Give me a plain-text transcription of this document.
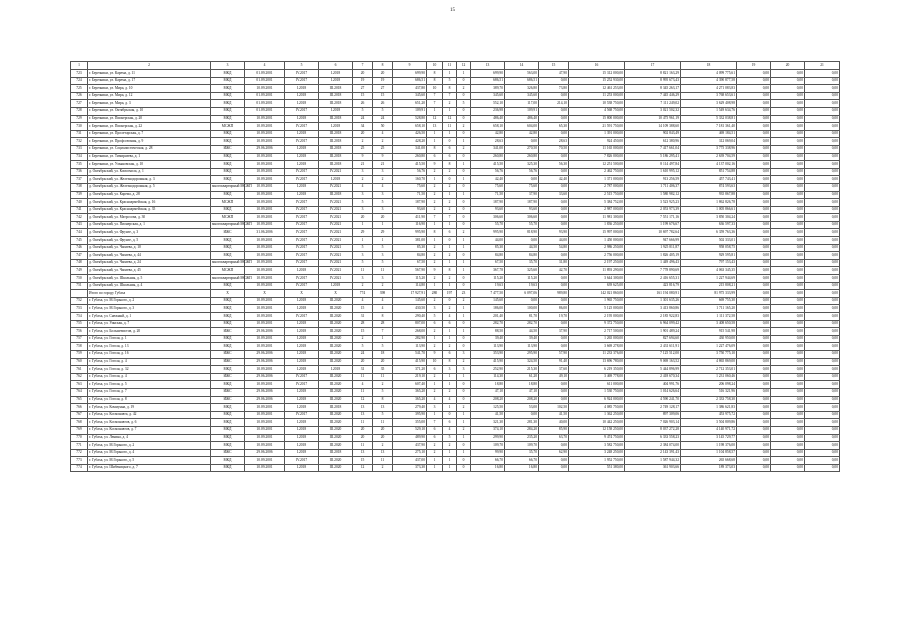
15
1	2	3	4	5	6	7	8	9	10	11	12	13	14	15	16	17	18	19	20	21
723	г. Березники, ул. Карема, д. 11	МКД	01.09.2001	IV.2017	I.2018	20	20	699,90	8	1	1	699,90	563,00	47,90	15 312 000,00	8 821 163,29	4 099 775,61	0,00	0,00	0,00
724	г. Березники, ул. Карема, д. 17	МКД	01.09.2001	IV.2017	I.2018	19	19	686,51	8	5	0	686,51	686,51	0,00	15 252 930,00	8 995 673,43	4 390 877,58	0,00	0,00	0,00
725	г. Березники, ул. Мира, д. 10	МКД	10.09.2001	I.2018	III.2018	27	27	437,80	10	8	2	389,70	326,80	73,80	12 461 253,00	8 345 263,17	4 271 083,83	0,00	0,00	0,00
726	г. Березники, ул. Мира, д. 12	МКД	01.09.2001	I.2018	III.2018	15	15	345,60	7	7	0	345,60	345,60	0,00	11 253 000,00	7 445 446,29	3 768 653,61	0,00	0,00	0,00
727	г. Березники, ул. Мира, д. 3	МКД	01.09.2001	I.2018	III.2018	26	26	651,20	7	2	5	552,10	117,00	214,10	10 538 750,00	7 111 249,02	3 629 408,98	0,00	0,00	0,00
728	г. Березники, ул. Октябрьская, д. 10	МКД	01.09.2001	IV.2017	I.2018	5	5	109,91	1	1	0	236,98	109,91	0,00	4 568 750,00	3 021 502,32	1 549 634,76	0,00	0,00	0,00
729	г. Березники, ул. Пионерская, д. 20	МКД	10.09.2001	I.2018	III.2018	24	24	528,80	12	12	0	486,40	486,40	0,00	15 800 000,00	10 475 961,19	5 332 038,81	0,00	0,00	0,00
730	г. Березники, ул. Пионерская, д. 22	МСЖП	10.09.2001	IV.2017	I.2018	34	50	658,10	13	11	2	658,10	604,00	65,30	21 591 750,00	14 109 388,60	7 181 361,40	0,00	0,00	0,00
731	г. Березники, ул. Пролетарская, д. 7	МКД	10.09.2001	I.2018	III.2018	20	4	426,50	1	1	0	42,80	42,80	0,00	1 391 000,00	902 843,49	469 184,51	0,00	0,00	0,00
732	г. Березники, ул. Профсоюзная, д. 9	МКД	10.09.2001	IV.2017	III.2018	2	2	428,20	1	0	1	28,63	0,00	28,63	924 450,00	612 380,96	312 069,04	0,00	0,00	0,00
733	г. Березники, ул. Социалистическая, д. 28	ИЖС	29.06.2006	I.2018	III.2018	25	25	341,00	8	6	2	341,00	270,50	70,50	11 165 000,00	7 417 661,04	3 775 338,96	0,00	0,00	0,00
734	г. Березники, ул. Тимирязева, д. 1	МКД	10.09.2001	I.2018	III.2018	9	9	260,80	6	6	0	260,80	260,80	0,00	7 826 000,00	5 186 295,41	2 639 704,59	0,00	0,00	0,00
735	г. Березники, ул. Ульяновская, д. 10	МКД	10.09.2001	I.2018	III.2018	21	21	415,50	9	8	1	415,50	325,30	56,30	12 251 500,00	8 114 497,84	4 137 002,16	0,00	0,00	0,00
736	д. Октябрьский, ул. Комсомола, д. 1	МКД	10.09.2001	IV.2017	IV.2021	3	3	56,76	2	2	0	56,76	56,76	0,00	2 462 750,00	1 610 995,12	851 754,88	0,00	0,00	0,00
737	д. Октябрьский, ул. Железнодорожная, д. 3	МКД	10.09.2001	IV.2017	I.2018	2	2	160,70	1	0	1	42,40	0,00	42,40	1 371 000,00	913 256,59	457 743,41	0,00	0,00	0,00
738	д. Октябрьский, ул. Железнодорожная, д. 5	многоквартирный МСЖП	10.09.2001	I.2018	IV.2021	4	4	75,60	2	2	0	75,60	75,60	0,00	2 787 000,00	1 711 406,37	874 593,63	0,00	0,00	0,00
739	д. Октябрьский, ул. Карема, д. 28	МКД	10.09.2001	I.2018	III.2018	3	3	71,50	2	1	1	71,50	37,90	33,60	2 515 750,00	1 580 982,12	935 867,88	0,00	0,00	0,00
740	д. Октябрьский, ул. Красноармейская, д. 16	МСЖП	10.09.2001	IV.2017	IV.2021	5	5	187,90	2	2	0	187,90	187,90	0,00	5 384 752,00	3 523 925,23	1 862 826,78	0,00	0,00	0,00
741	д. Октябрьский, ул. Красноармейская, д. 35	МКД	10.09.2001	IV.2017	IV.2021	3	3	93,60	2	2	0	93,60	93,60	0,00	2 987 000,00	2 053 973,39	1 005 866,61	0,00	0,00	0,00
742	д. Октябрьский, ул. Матросова, д. 30	МСЖП	10.09.2001	IV.2017	IV.2021	20	20	411,90	7	7	0	306,60	306,60	0,00	11 981 300,00	7 551 171,16	3 850 304,24	0,00	0,00	0,00
743	д. Октябрьский, ул. Пионерская, д. 1	многоквартирный МСЖП	10.09.2001	IV.2017	IV.2021	1	1	116,90	1	1	0	55,70	55,70	0,00	1 836 250,00	1 199 676,67	636 597,33	0,00	0,00	0,00
744	д. Октябрьский, ул. Фрунзе, д. 3	ИЖС	31.06.2006	IV.2017	IV.2021	29	29	995,90	8	6	2	995,90	818,90	93,90	15 997 000,00	10 697 782,64	6 359 763,36	0,00	0,00	0,00
745	д. Октябрьский, ул. Фрунзе, д. 5	МКД	10.09.2001	IV.2017	IV.2021	1	1	381,00	1	0	1	44,00	0,00	44,00	1 450 000,00	947 666,99	502 333,01	0,00	0,00	0,00
746	д. Октябрьский, ул. Чапаева, д. 10	МКД	10.09.2001	IV.2017	IV.2021	5	5	85,30	2	1	1	85,30	44,50	54,80	2 986 250,00	1 925 811,87	958 058,75	0,00	0,00	0,00
747	д. Октябрьский, ул. Чапаева, д. 44	МКД	10.09.2001	IV.2017	IV.2021	3	3	84,80	2	2	0	84,80	84,80	0,00	2 756 000,00	1 826 405,19	929 595,81	0,00	0,00	0,00
748	д. Октябрьский, ул. Чапаева, д. 24	многоквартирный МСЖП	10.09.2001	IV.2017	IV.2021	5	5	67,50	2	1	1	67,50	35,70	31,80	2 197 250,00	1 449 496,43	797 153,43	0,00	0,00	0,00
749	д. Октябрьский, ул. Чапаева, д. 45	МСЖП	10.09.2001	I.2018	IV.2021	11	11	567,90	9	8	1	367,78	325,60	42,70	11 893 290,00	7 778 890,69	4 063 345,35	0,00	0,00	0,00
750	д. Октябрьский, ул. Школьная, д. 5	многоквартирный МСЖП	10.09.2001	IV.2017	IV.2021	3	3	115,20	2	2	0	115,20	115,20	0,00	3 644 300,00	2 416 655,31	1 227 944,69	0,00	0,00	0,00
751	д. Октябрьский, ул. Школьная, д. 4	МКД	10.09.2001	IV.2017	I.2018	2	2	114,80	1	1	0	19,63	19,63	0,00	639 625,00	423 816,79	215 808,21	0,00	0,00	0,00
	Итого по городу Губаха	Х	Х	Х	Х	774	398	17 927,91	280	197	23	7 477,50	6 097,06	989,80	142 021 860,00	161 194 080,91	81 975 333,99	0,00	0,00	0,00
752	г. Губаха, ул. М.Горького, д. 2	МКД	10.09.2001	I.2018	III.2020	4	4	145,60	2	0	2	145,60	0,00	0,00	1 965 750,00	1 301 635,26	669 755,30	0,00	0,00	0,00
753	г. Губаха, ул. М.Горького, д. 3	МКД	10.09.2001	I.2018	III.2020	15	4	430,50	3	2	1	186,00	100,00	86,00	5 125 000,00	3 413 860,86	1 711 165,20	0,00	0,00	0,00
754	г. Губаха, ул. Снежный, д. 1	МКД	10.09.2001	IV.2017	III.2020	31	8	290,40	5	4	1	201,40	81,70	19,70	2 195 000,00	2 185 922,83	1 111 372,58	0,00	0,00	0,00
755	г. Губаха, ул. Уинская, д. 7	МКД	10.09.2001	I.2018	III.2020	28	28	807,00	6	6	0	282,70	282,70	0,00	9 372 750,00	6 964 099,42	3 408 650,58	0,00	0,00	0,00
756	г. Губаха, ул. Большевистов, д. 20	ИЖС	29.06.2006	I.2018	III.2020	15	7	268,00	2	1	1	88,50	44,50	37,90	2 717 500,00	1 901 489,24	915 541,98	0,00	0,00	0,00
757	г. Губаха, ул. Гоголя, д. 1	МКД	10.09.2001	I.2018	III.2020	2	1	282,90	1	1	0	39,40	39,40	0,00	1 265 000,00	827 694,60	430 950,00	0,00	0,00	0,00
758	г. Губаха, ул. Гоголя, д. 13	МКД	10.09.2001	I.2018	III.2020	5	5	113,90	2	2	0	113,90	113,90	0,00	3 669 278,00	2 431 611,91	1 227 476,09	0,00	0,00	0,00
759	г. Губаха, ул. Гоголя, д. 16	ИЖС	29.06.2006	I.2018	III.2020	24	18	541,70	9	6	3	353,90	295,90	57,90	11 233 376,00	7 125 512,00	3 750 775,10	0,00	0,00	0,00
760	г. Губаха, ул. Гоголя, д. 4	ИЖС	29.06.2006	I.2018	III.2020	20	20	415,90	10	8	2	415,90	324,50	91,40	13 696 780,00	9 069 163,52	4 865 869,00	0,00	0,00	0,00
761	г. Губаха, ул. Гоголя, д. 32	МКД	10.09.2001	I.2018	I.2018	31	35	371,20	6	3	3	252,90	215,30	37,60	6 219 350,00	5 444 896,99	2 712 353,01	0,00	0,00	0,00
762	г. Губаха, ул. Гоголя, д. 4	ИЖС	29.06.2006	IV.2017	III.2020	11	11	219,10	2	1	1	114,30	61,20	49,10	3 469 778,00	2 418 670,34	1 231 060,46	0,00	0,00	0,00
763	г. Губаха, ул. Гоголя, д. 5	МКД	10.09.2001	IV.2017	III.2020	4	2	607,40	1	1	0	18,80	18,80	0,00	611 000,00	404 991,76	206 098,24	0,00	0,00	0,00
764	г. Губаха, ул. Гоголя, д. 7	ИЖС	29.06.2006	I.2018	III.2020	11	5	365,20	2	2	0	47,10	47,10	0,00	1 530 750,00	1 014 626,64	516 321,96	0,00	0,00	0,00
765	г. Губаха, ул. Гоголя, д. 8	ИЖС	29.06.2006	I.2018	III.2020	12	8	365,20	4	4	0	208,20	208,20	0,00	6 924 000,00	4 590 241,70	2 333 758,30	0,00	0,00	0,00
766	г. Губаха, ул. Коммунна, д. 19	МКД	10.09.2001	I.2018	III.2018	13	13	279,40	3	1	2	125,50	53,00	102,50	4 085 750,00	2 749 128,17	1 386 621,83	0,00	0,00	0,00
767	г. Губаха, ул. Космонавта, д. 42	МКД	10.09.2001	IV.2017	III.2020	13	5	395,90	1	0	1	41,50	0,00	41,50	1 362 250,00	897 309,06	453 975,72	0,00	0,00	0,00
768	г. Губаха, ул. Космонавтов, д. 6	МКД	10.09.2001	I.2018	III.2020	11	11	355,00	7	6	1	321,30	281,30	40,00	10 442 250,00	7 026 903,14	3 504 809,86	0,00	0,00	0,00
769	г. Губаха, ул. Космонавтов, д. 7	МКД	10.09.2001	I.2018	III.2020	20	20	529,10	6	4	2	374,10	284,20	85,90	12 158 250,00	8 037 272,28	4 140 971,72	0,00	0,00	0,00
770	г. Губаха, ул. Ленина, д. 4	МКД	10.09.2001	I.2018	III.2020	20	20	489,90	6	5	1	299,90	235,20	63,70	9 474 750,00	6 333 558,23	3 145 729,77	0,00	0,00	0,00
771	г. Губаха, ул. М.Горького, д. 2	МКД	10.09.2001	I.2018	III.2020	11	2	437,90	2	2	0	109,70	109,70	0,00	3 582 750,00	2 384 074,00	1 198 376,00	0,00	0,00	0,00
772	г. Губаха, ул. М.Горького, д. 4	ИЖС	29.06.2006	I.2018	III.2018	13	13	275,10	2	1	1	99,90	35,70	62,90	3 248 250,00	2 143 391,43	1 104 858,57	0,00	0,00	0,00
773	г. Губаха, ул. М.Горького, д. 5	МКД	10.09.2001	IV.2017	III.2020	15	11	437,00	1	1	0	66,70	66,70	0,00	1 952 750,00	1 587 944,32	265 668,68	0,00	0,00	0,00
774	г. Губаха, ул. Шибеницкого, д. 7	МКД	10.09.2001	I.2018	III.2020	12	2	373,30	1	1	0	16,80	16,80	0,00	551 380,00	361 903,66	189 373,03	0,00	0,00	0,00
